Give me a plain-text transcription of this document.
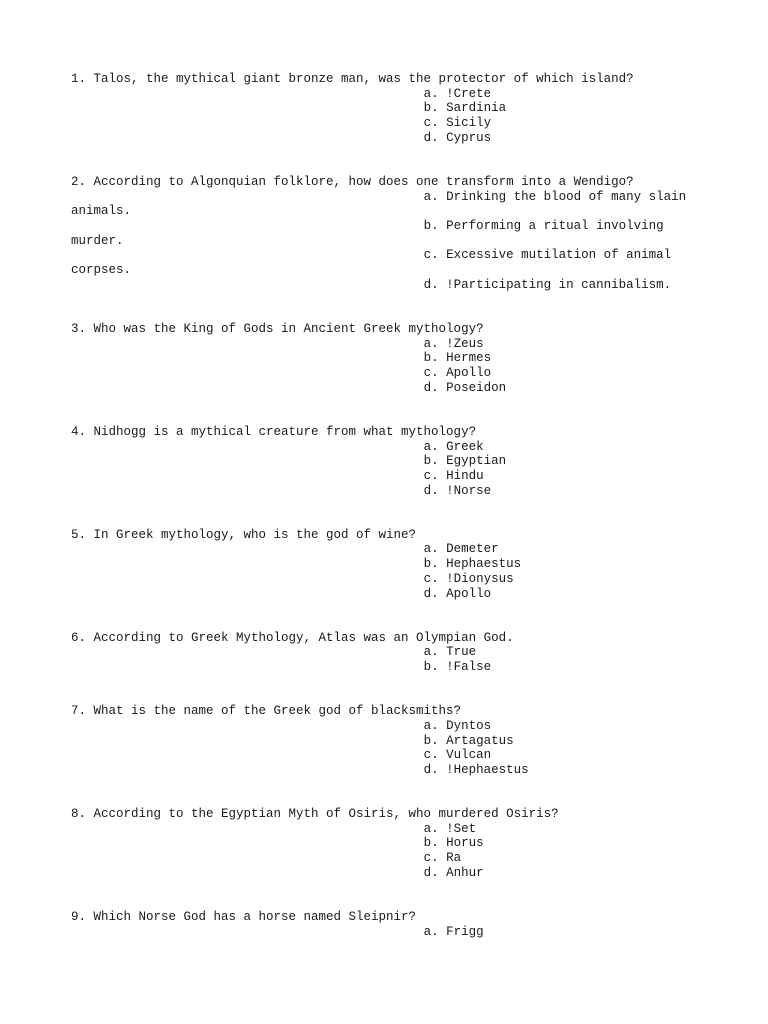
1. Talos, the mythical giant bronze man, was the protector of which island?
a. !Crete
b. Sardinia
c. Sicily
d. Cyprus
2. According to Algonquian folklore, how does one transform into a Wendigo?
a. Drinking the blood of many slain animals.
b. Performing a ritual involving murder.
c. Excessive mutilation of animal corpses.
d. !Participating in cannibalism.
3. Who was the King of Gods in Ancient Greek mythology?
a. !Zeus
b. Hermes
c. Apollo
d. Poseidon
4. Nidhogg is a mythical creature from what mythology?
a. Greek
b. Egyptian
c. Hindu
d. !Norse
5. In Greek mythology, who is the god of wine?
a. Demeter
b. Hephaestus
c. !Dionysus
d. Apollo
6. According to Greek Mythology, Atlas was an Olympian God.
a. True
b. !False
7. What is the name of the Greek god of blacksmiths?
a. Dyntos
b. Artagatus
c. Vulcan
d. !Hephaestus
8. According to the Egyptian Myth of Osiris, who murdered Osiris?
a. !Set
b. Horus
c. Ra
d. Anhur
9. Which Norse God has a horse named Sleipnir?
a. Frigg
